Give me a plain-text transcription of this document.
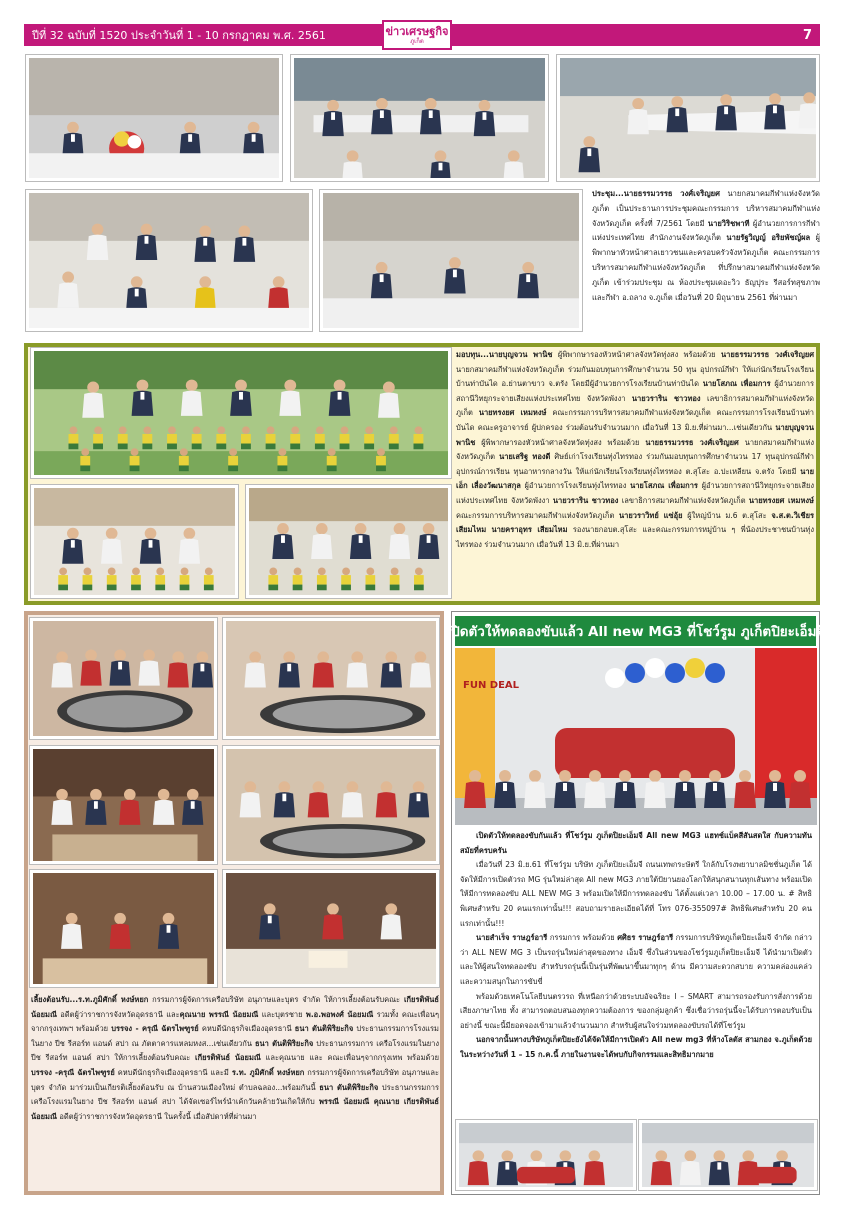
ปีที่ 32 ฉบับที่ 1520 ประจำวันที่ 1 - 10 กรกฎาคม พ.ศ. 2561	7
ข่าวเศรษฐกิจ
ภูเก็ต
ประชุม...นายธรรมวรรธ วงศ์เจริญยศ นายกสมาคมกีฬาแห่งจังหวัดภูเก็ต เป็นประธานการประชุมคณะกรรมการ บริหารสมาคมกีฬาแห่งจังหวัดภูเก็ต ครั้งที่ 7/2561 โดยมี นายวิริชพาที ผู้อำนวยการการกีฬาแห่งประเทศไทย สำนักงานจังหวัดภูเก็ต นายรัฐวิญญ์ อริยพัชญ์ผล ผู้พิพากษาหัวหน้าศาลเยาวชนและครอบครัวจังหวัดภูเก็ต คณะกรรมการบริหารสมาคมกีฬาแห่งจังหวัดภูเก็ต ที่ปรึกษาสมาคมกีฬาแห่งจังหวัดภูเก็ต เข้าร่วมประชุม ณ ห้องประชุมเดอะวิว ธัญปุระ รีสอร์ทสุขภาพและกีฬา อ.ถลาง จ.ภูเก็ต เมื่อวันที่ 20 มิถุนายน 2561 ที่ผ่านมา
มอบทุน...นายบุญจวน พานิช ผู้พิพากษารองหัวหน้าศาลจังหวัดทุ่งสง พร้อมด้วย นายธรรมวรรธ วงศ์เจริญยศ นายกสมาคมกีฬาแห่งจังหวัดภูเก็ต ร่วมกันมอบทุนการศึกษาจำนวน 50 ทุน อุปกรณ์กีฬา ให้แก่นักเรียนโรงเรียนบ้านท่าบันได อ.ย่านตาขาว จ.ตรัง โดยมีผู้อำนวยการโรงเรียนบ้านท่าบันได นายโสภณ เพื่อมการ ผู้อำนวยการสถานีวิทยุกระจายเสียงแห่งประเทศไทย จังหวัดพังงา นายวราริน ชาวทอง เลขาธิการสมาคมกีฬาแห่งจังหวัดภูเก็ต นายทรงยศ เหมหงษ์ คณะกรรมการบริหารสมาคมกีฬาแห่งจังหวัดภูเก็ต คณะกรรมการโรงเรียนบ้านท่าบันได คณะครูอาจารย์ ผู้ปกครอง ร่วมต้อนรับจำนวนมาก เมื่อวันที่ 13 มิ.ย.ที่ผ่านมา...เช่นเดียวกัน นายบุญจวน พานิช ผู้พิพากษารองหัวหน้าศาลจังหวัดทุ่งสง พร้อมด้วย นายธรรมวรรธ วงศ์เจริญยศ นายกสมาคมกีฬาแห่งจังหวัดภูเก็ต นายเสริฐ ทองดี ศิษย์เก่าโรงเรียนทุ่งไทรทอง ร่วมกันมอบทุนการศึกษาจำนวน 17 ทุนอุปกรณ์กีฬา อุปกรณ์การเรียน ทุนอาหารกลางวัน ให้แก่นักเรียนโรงเรียนทุ่งไทรทอง ต.สุโสะ อ.ปะเหลียน จ.ตรัง โดยมี นายเอ็ก เลื่องวัฒนาสกุล ผู้อำนวยการโรงเรียนทุ่งไทรทอง นายโสภณ เพื่อมการ ผู้อำนวยการสถานีวิทยุกระจายเสียงแห่งประเทศไทย จังหวัดพังงา นายวราริน ชาวทอง เลขาธิการสมาคมกีฬาแห่งจังหวัดภูเก็ต นายทรงยศ เหมหงษ์ คณะกรรมการบริหารสมาคมกีฬาแห่งจังหวัดภูเก็ต นายวราวิทย์ แซ่อุ้ย ผู้ใหญ่บ้าน ม.6 ต.สุโสะ จ.ส.ต.วิเชียร เสียมไหม นายคราอุทร เสียมไหม รองนายกอบต.สุโสะ และคณะกรรมการหมู่บ้าน ๆ พี่น้องประชาชนบ้านทุ่งไทรทอง ร่วมจำนวนมาก เมื่อวันที่ 13 มิ.ย.ที่ผ่านมา
เลี้ยงต้อนรับ...ร.ท.ภูมิศักดิ์ หงษ์หยก กรรมการผู้จัดการเครือบริษัท อนุภาษและบุตร จำกัด ให้การเลี้ยงต้อนรับคณะ เกียรติพันธ์ น้อยมณี อดีตผู้ว่าราชการจังหวัดอุดรธานี และคุณนาย พรรณี น้อยมณี และบุตรชาย พ.อ.พอพงศ์ น้อยมณี รวมทั้ง คณะเพื่อนๆจากกรุงเทพฯ พร้อมด้วย บรรจง - ครุณี ฉัตรไพฑูรย์ คหบดีนักธุรกิจเมืองอุดรธานี ธนา ตันติพิริยะกิจ ประธานกรรมการโรงแรมในยาง ปีช รีสอร์ท แอนด์ สปา ณ ภัตตาคารแหลมหงส...เช่นเดียวกัน ธนา ตันติพิริยะกิจ ประธานกรรมการ เครือโรงแรมในยาง ปีช รีสอร์ท แอนด์ สปา ให้การเลี้ยงต้อนรับคณะ เกียรติพันธ์ น้อยมณี และคุณนาย และ คณะเพื่อนๆจากกรุงเทพ พร้อมด้วย บรรจง -ครุณี ฉัตรไพฑูรย์ คหบดีนักธุรกิจเมืองอุดรธานี และมี ร.ท. ภูมิศักดิ์ หงษ์หยก กรรมการผู้จัดการเครือบริษัท อนุภาษและบุตร จำกัด มาร่วมเป็นเกียรติเลี้ยงต้อนรับ ณ บ้านสวนเมืองใหม่ ตำบลฉลอง...พร้อมกันนี้ ธนา ตันติพิริยะกิจ ประธานกรรมการ เครือโรงแรมในยาง ปีช รีสอร์ท แอนด์ สปา ได้จัดเซอร์ไพร์นำเค้กวันคล้ายวันเกิดให้กับ พรรณี น้อยมณี คุณนาย เกียรติพันธ์ น้อยมณี อดีตผู้ว่าราชการจังหวัดอุดรธานี ในครั้งนี้ เมื่อสัปดาห์ที่ผ่านมา
เปิดตัวให้ทดลองขับแล้ว All new MG3 ที่โชว์รูม ภูเก็ตปิยะเอ็มจี
FUN DEAL
เปิดตัวให้ทดลองขับกันแล้ว ที่โชว์รูม ภูเก็ตปิยะเอ็มจี All new MG3 แฮทช์แบ็คสีสันสดใส กับความทันสมัยที่ครบครัน
เมื่อวันที่ 23 มิ.ย.61 ที่โชว์รูม บริษัท ภูเก็ตปิยะเอ็มจี ถนนเทพกระษัตรี ใกล้กับโรงพยาบาลมิชชั่นภูเก็ต ได้จัดให้มีการเปิดตัวรถ MG รุ่นใหม่ล่าสุด All new MG3 ภายใต้ปัยานยองโลกให้สนุกสนานทุกเส้นทาง พร้อมเปิดให้มีการทดลองขับ ALL NEW MG 3 พร้อมเปิดให้มีการทดลองขับ ได้ตั้งแต่เวลา 10.00 – 17.00 น. # สิทธิพิเศษสำหรับ 20 คนแรกเท่านั้น!!! สอบถามรายละเอียดได้ที่ โทร 076-355097# สิทธิพิเศษสำหรับ 20 คนแรกเท่านั้น!!!
นายสำเร็จ ราษฎร์อารี กรรมการ พร้อมด้วย ศศิธร ราษฎร์อารี กรรมการบริษัทภูเก็ตปิยะเอ็มจี จำกัด กล่าวว่า ALL NEW MG 3 เป็นรถรุ่นใหม่ล่าสุดของทาง เอ็มจี ซึ่งในส่วนของโชว์รูมภูเก็ตปิยะเอ็มจี ได้นำมาเปิดตัวและให้ผู้สนใจทดลองขับ สำหรับรถรุ่นนี้เป็นรุ่นที่พัฒนาขึ้นมาทุกๆ ด้าน มีความสะดวกสบาย ความคล่องแคล่วและความสนุกในการขับขี่
พร้อมด้วยเทคโนโลยีบนตรวรถ ที่เหนือกว่าด้วยระบบอัจฉริยะ I – SMART สามารถรองรับการสั่งการด้วยเสียงภาษาไทย ทั้ง สามารถตอบสนองทุกความต้องการ ของกลุ่มลูกค้า ซึ่งเชื่อว่ารถรุ่นนี้จะได้รับการตอบรับเป็นอย่างนี้ ขณะนี้มียอดจองเข้ามาแล้วจำนวนมาก สำหรับผู้สนใจร่วมทดลองขับรถได้ที่โชว์รูม
นอกจากนั้นทางบริษัทภูเก็ตปิยะยังได้จัดให้มีการเปิดตัว All new mg3 ที่ห้างโลตัส สามกอง จ.ภูเก็ตด้วย ในระหว่างวันที่ 1 – 15 ก.ค.นี้ ภายในงานจะได้พบกับกิจกรรมและสิทธิมากมาย
